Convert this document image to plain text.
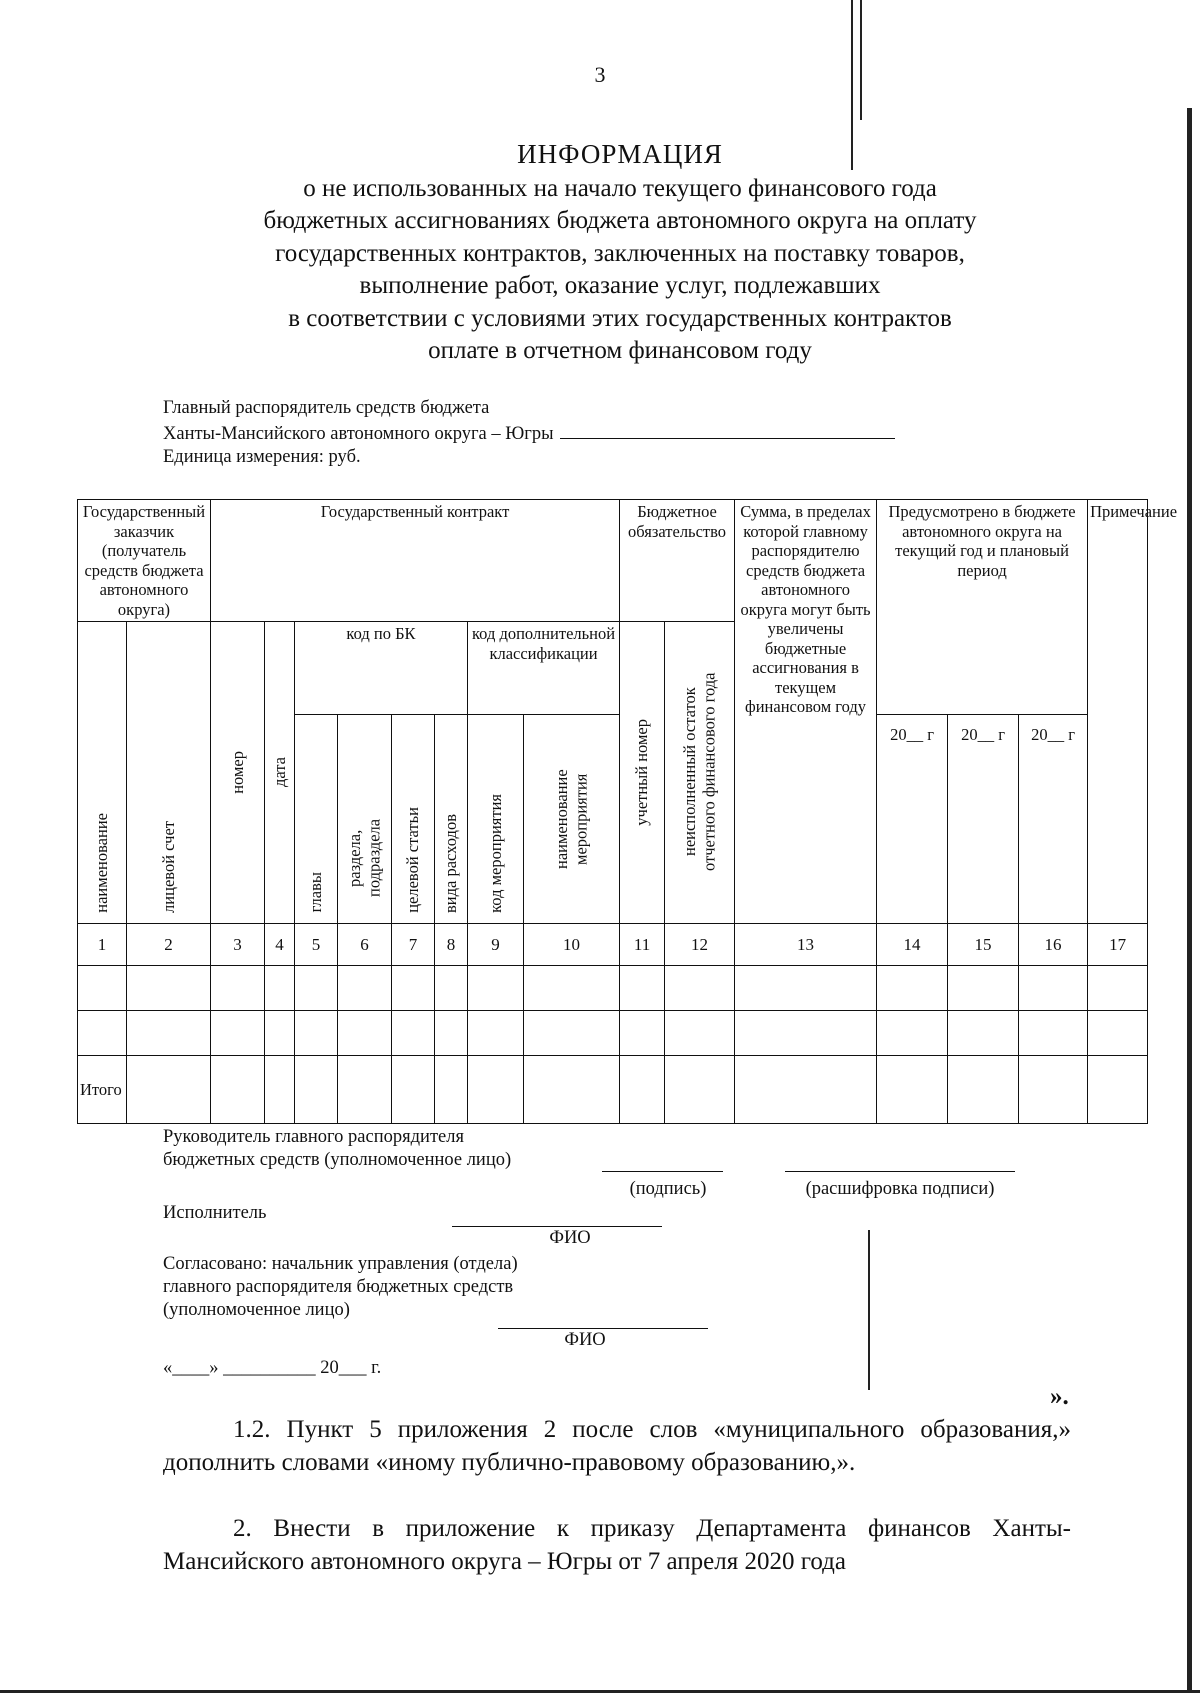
3
ИНФОРМАЦИЯ
о не использованных на начало текущего финансового года
бюджетных ассигнованиях бюджета автономного округа на оплату
государственных контрактов, заключенных на поставку товаров,
выполнение работ, оказание услуг, подлежавших
в соответствии с условиями этих государственных контрактов
оплате в отчетном финансовом году
Главный распорядитель средств бюджета
Ханты-Мансийского автономного округа – Югры
Единица измерения: руб.
Государственный заказчик (получатель средств бюджета автономного округа)		Государственный контракт								Бюджетное обязательство		Сумма, в пределах которой главному распорядителю средств бюджета автономного округа могут быть увеличены бюджетные ассигнования в текущем финансовом году	Предусмотрено в бюджете автономного округа на текущий год и плановый период			Примечание
наименование	лицевой счет	номер	дата	код по БК				код дополнительной классификации		учетный номер	неисполненный остаток отчетного финансового года					
				главы	раздела, подраздела	целевой статьи	вида расходов	код мероприятия	наименование мероприятия				20__ г	20__ г	20__ г	
1	2	3	4	5	6	7	8	9	10	11	12	13	14	15	16	17

Итого																
Руководитель главного распорядителя
бюджетных средств (уполномоченное лицо)
(подпись)	(расшифровка подписи)
Исполнитель
ФИО
Согласовано: начальник управления (отдела)
главного распорядителя бюджетных средств
(уполномоченное лицо)
ФИО
«____» __________ 20___ г.
».
1.2. Пункт 5 приложения 2 после слов «муниципального образования,» дополнить словами «иному публично-правовому образованию,».
2. Внести в приложение к приказу Департамента финансов Ханты-Мансийского автономного округа – Югры от 7 апреля 2020 года
